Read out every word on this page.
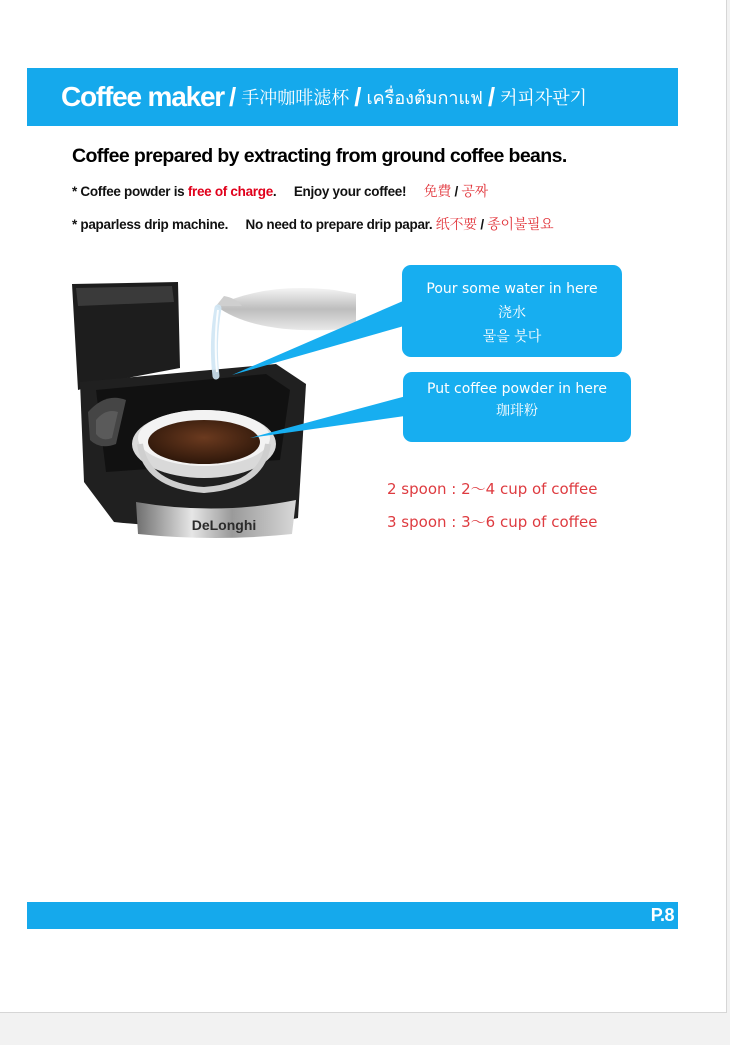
Coffee maker / 手冲咖啡滤杯 / เครื่องต้มกาแฟ / 커피자판기
Coffee prepared by extracting from ground coffee beans.
* Coffee powder is free of charge. Enjoy your coffee! 免費 / 공짜
* paparless drip machine. No need to prepare drip papar. 纸不要 / 종이불필요
DeLonghi
Pour some water in here
浇水
물을 붓다
Put coffee powder in here
珈琲粉
2 spoon : 2〜4 cup of coffee
3 spoon : 3〜6 cup of coffee
P.8
